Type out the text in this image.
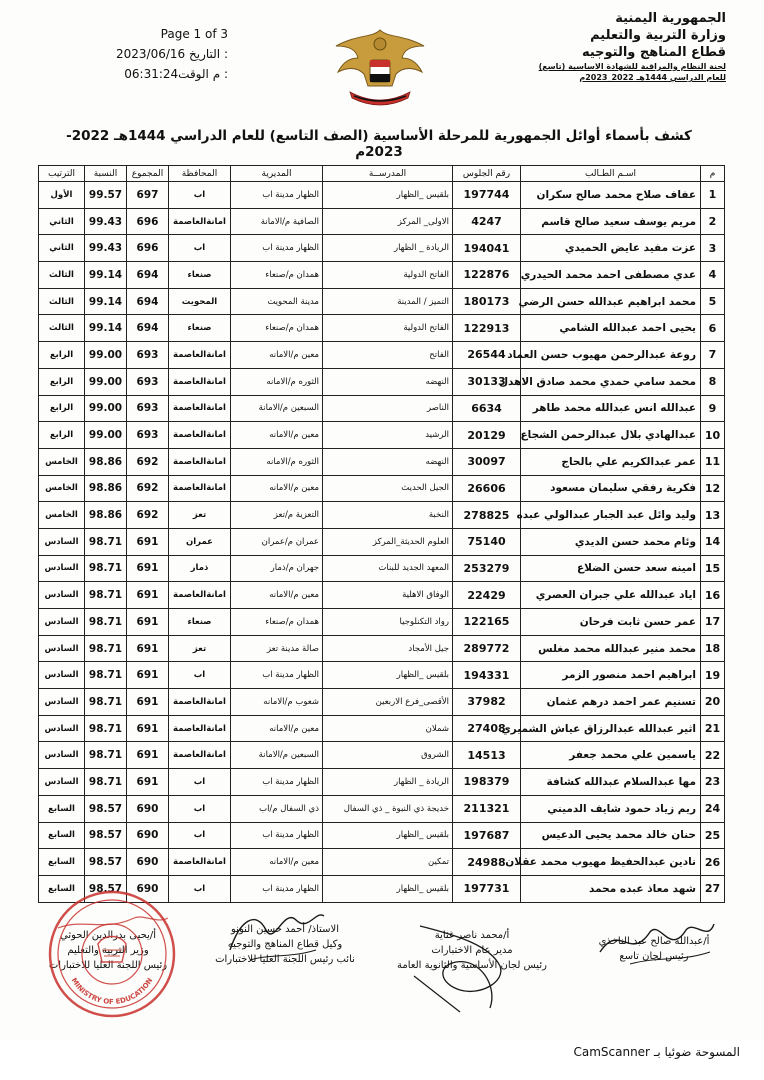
الجمهورية اليمنية
وزارة التربية والتعليم
قطاع المناهج والتوجيه
لجنة النظام والمراقبة للشهادة الاساسية (تاسع)
للعام الدراسي 1444هـ 2022_2023م
Page 1 of 3
2023/06/16 التاريخ :
06:31:24م الوقت :
كشف بأسماء أوائل الجمهورية للمرحلة الأساسية (الصف التاسع) للعام الدراسي 1444هـ 2022- 2023م
م	اسـم الطـالب	رقم الجلوس	المدرســة	المديرية	المحافظة	المجموع	النسبة	الترتيب
1	عفاف صلاح محمد صالح سكران	197744	بلقيس _الظهار	الظهار مدينة اب	اب	697	99.57	الأول
2	مريم يوسف سعيد صالح قاسم	4247	الاولى_ المركز	الصافية م/الامانة	امانةالعاصمة	696	99.43	الثاني
3	عزت مفيد عايض الحميدي	194041	الريادة _ الظهار	الظهار مدينة اب	اب	696	99.43	الثاني
4	عدي مصطفى احمد محمد الحيدري	122876	الفاتح الدولية	همدان م/صنعاء	صنعاء	694	99.14	الثالث
5	محمد ابراهيم عبدالله حسن الرضي	180173	التميز / المدينة	مدينة المحويت	المحويت	694	99.14	الثالث
6	يحيى احمد عبدالله الشامي	122913	الفاتح الدولية	همدان م/صنعاء	صنعاء	694	99.14	الثالث
7	روعة عبدالرحمن مهيوب حسن العماد	26544	الفاتح	معين م/الامانه	امانةالعاصمة	693	99.00	الرابع
8	محمد سامي حمدي محمد صادق الاهدل	30133	النهضه	الثوره م/الامانه	امانةالعاصمة	693	99.00	الرابع
9	عبدالله انس عبدالله محمد طاهر	6634	الناصر	السبعين م/الامانة	امانةالعاصمة	693	99.00	الرابع
10	عبدالهادي بلال عبدالرحمن الشجاع	20129	الرشيد	معين م/الامانه	امانةالعاصمة	693	99.00	الرابع
11	عمر عبدالكريم علي بالحاج	30097	النهضه	الثوره م/الامانه	امانةالعاصمة	692	98.86	الخامس
12	فكرية رفقي سليمان مسعود	26606	الجيل الحديث	معين م/الامانه	امانةالعاصمة	692	98.86	الخامس
13	وليد وائل عبد الجبار عبدالولي عبده	278825	النخبة	التعزية م/تعز	تعز	692	98.86	الخامس
14	وئام محمد حسن الديدي	75140	العلوم الحديثة_المركز	عمران م/عمران	عمران	691	98.71	السادس
15	امينه سعد حسن الضلاع	253279	المعهد الجديد للبنات	جهران م/ذمار	ذمار	691	98.71	السادس
16	اياد عبدالله علي جبران العصري	22429	الوفاق الاهلية	معين م/الامانه	امانةالعاصمة	691	98.71	السادس
17	عمر حسن ثابت فرحان	122165	رواد التكنلوجيا	همدان م/صنعاء	صنعاء	691	98.71	السادس
18	محمد منير عبدالله محمد مغلس	289772	جيل الأمجاد	صالة مدينة تعز	تعز	691	98.71	السادس
19	ابراهيم احمد منصور الزمر	194331	بلقيس _الظهار	الظهار مدينة اب	اب	691	98.71	السادس
20	تسنيم عمر احمد درهم عثمان	37982	الأقصى_فرع الاربعين	شعوب م/الامانه	امانةالعاصمة	691	98.71	السادس
21	اثير عبدالله عبدالرزاق عياش الشميري	27408	شملان	معين م/الامانه	امانةالعاصمة	691	98.71	السادس
22	ياسمين علي محمد جعفر	14513	الشروق	السبعين م/الامانة	امانةالعاصمة	691	98.71	السادس
23	مها عبدالسلام عبدالله كشافة	198379	الريادة _ الظهار	الظهار مدينة اب	اب	691	98.71	السادس
24	ريم زياد حمود شايف الدميني	211321	خديجة ذي النبوة _ ذي السفال	ذي السفال م/اب	اب	690	98.57	السابع
25	حنان خالد محمد يحيى الدعيس	197687	بلقيس _الظهار	الظهار مدينة اب	اب	690	98.57	السابع
26	نادين عبدالحفيظ مهيوب محمد عقلان	24988	تمكين	معين م/الامانه	امانةالعاصمة	690	98.57	السابع
27	شهد معاذ عبده محمد	197731	بلقيس _الظهار	الظهار مدينة اب	اب	690	98.57	السابع
أ/عبدالله صالح عبد الناخذي
رئيس لجان تاسع
أ/محمد ناصر غثاية
مدير عام الاختبارات
رئيس لجان الأساسية والثانوية العامة
الاستاذ/ أحمد حسين النونو
وكيل قطاع المناهج والتوجيه
نائب رئيس اللجنة العليا للاختبارات
أ/يحيى بدرالدين الحوثي
وزير التربية والتعليم
رئيس اللجنة العليا للاختبارات
MINISTRY OF EDUCATION
المسوحة ضوئيا بـ CamScanner
